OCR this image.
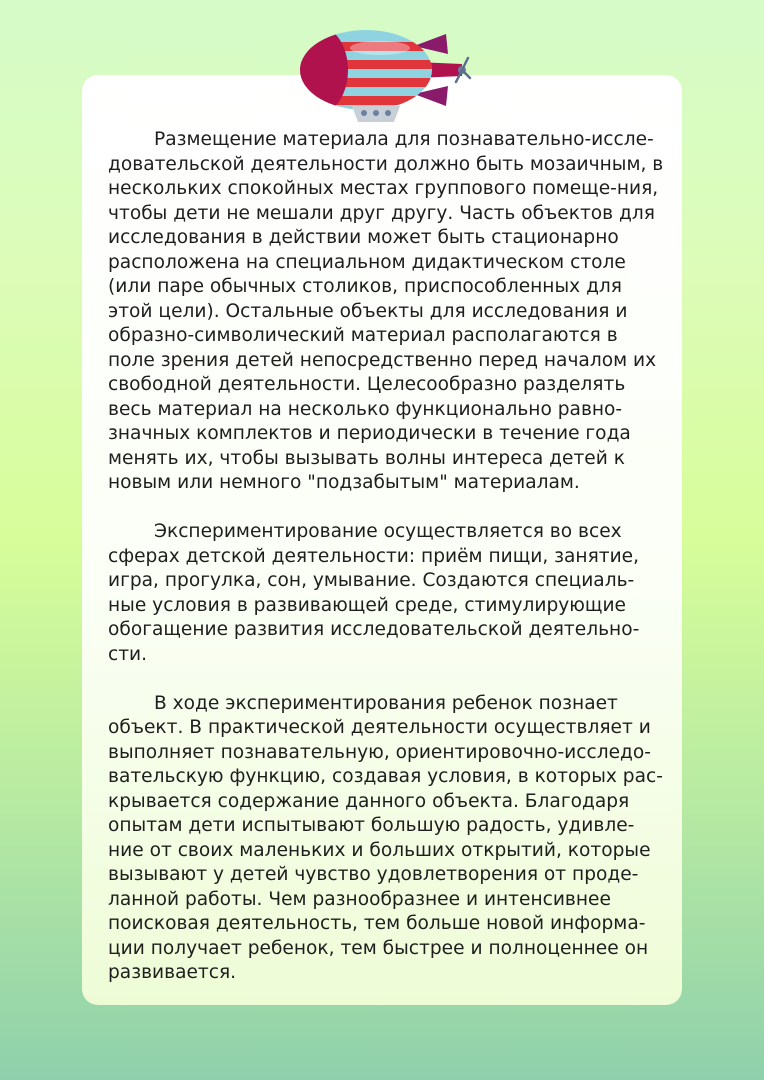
Размещение материала для познавательно-иссле-довательской деятельности должно быть мозаичным, в нескольких спокойных местах группового помеще-ния, чтобы дети не мешали друг другу. Часть объектов для исследования в действии может быть стационарно расположена на специальном дидактическом столе (или паре обычных столиков, приспособленных для этой цели). Остальные объекты для исследования и образно-символический материал располагаются в поле зрения детей непосредственно перед началом их свободной деятельности. Целесообразно разделять весь материал на несколько функционально равно-значных комплектов и периодически в течение года менять их, чтобы вызывать волны интереса детей к новым или немного "подзабытым" материалам.

Экспериментирование осуществляется во всех сферах детской деятельности: приём пищи, занятие, игра, прогулка, сон, умывание. Создаются специаль-ные условия в развивающей среде, стимулирующие обогащение развития исследовательской деятельно-сти.

В ходе экспериментирования ребенок познает объект. В практической деятельности осуществляет и выполняет познавательную, ориентировочно-исследо-вательскую функцию, создавая условия, в которых рас-крывается содержание данного объекта. Благодаря опытам дети испытывают большую радость, удивле-ние от своих маленьких и больших открытий, которые вызывают у детей чувство удовлетворения от проде-ланной работы. Чем разнообразнее и интенсивнее поисковая деятельность, тем больше новой информа-ции получает ребенок, тем быстрее и полноценнее он развивается.
